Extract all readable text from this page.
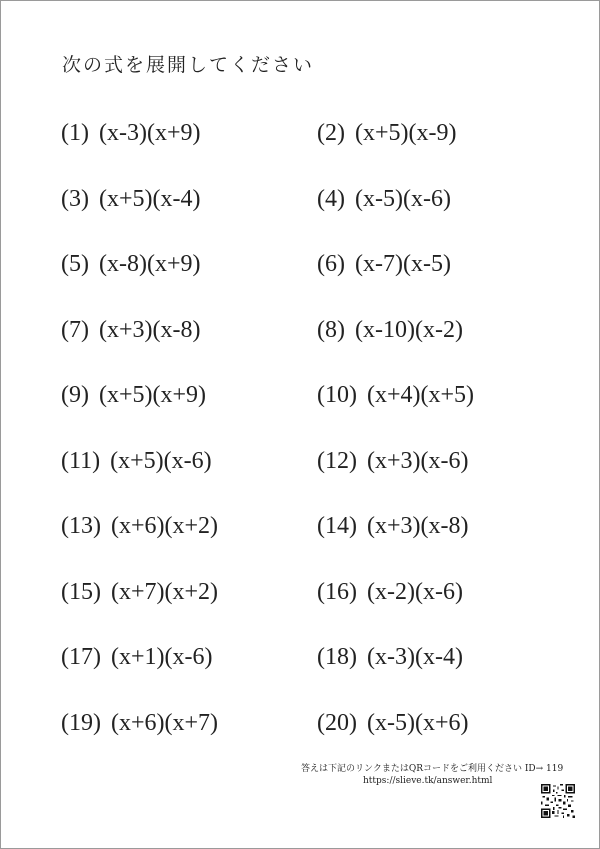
次の式を展開してください
(1) (x-3)(x+9)	(2) (x+5)(x-9)
(3) (x+5)(x-4)	(4) (x-5)(x-6)
(5) (x-8)(x+9)	(6) (x-7)(x-5)
(7) (x+3)(x-8)	(8) (x-10)(x-2)
(9) (x+5)(x+9)	(10) (x+4)(x+5)
(11) (x+5)(x-6)	(12) (x+3)(x-6)
(13) (x+6)(x+2)	(14) (x+3)(x-8)
(15) (x+7)(x+2)	(16) (x-2)(x-6)
(17) (x+1)(x-6)	(18) (x-3)(x-4)
(19) (x+6)(x+7)	(20) (x-5)(x+6)
答えは下記のリンクまたはQRコードをご利用ください ID→ 119
https://slieve.tk/answer.html
